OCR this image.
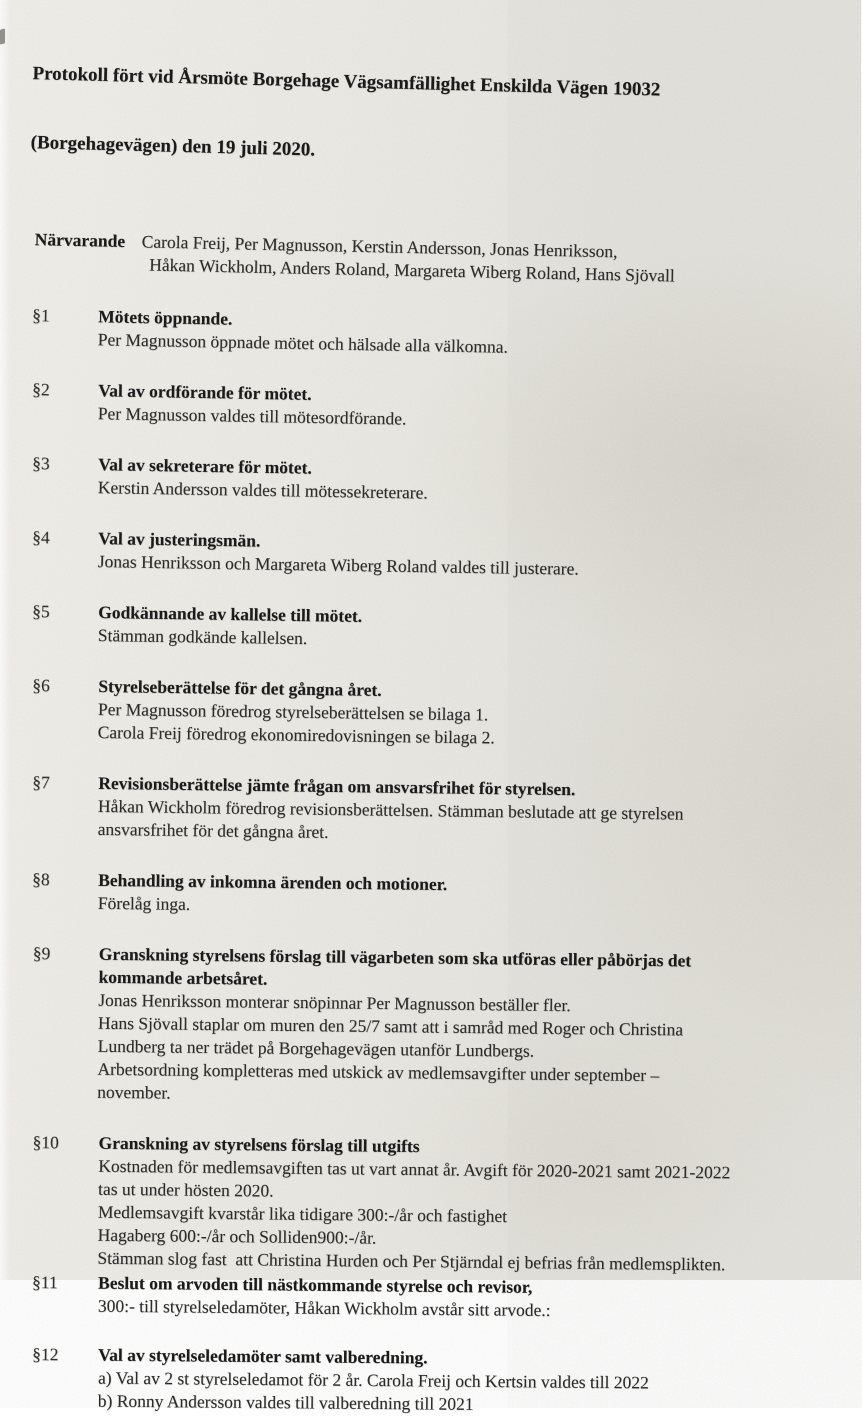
Protokoll fört vid Årsmöte Borgehage Vägsamfällighet Enskilda Vägen 19032

(Borgehagevägen) den 19 juli 2020.

Närvarande Carola Freij, Per Magnusson, Kerstin Andersson, Jonas Henriksson,
Håkan Wickholm, Anders Roland, Margareta Wiberg Roland, Hans Sjövall
§1	Mötets öppnande.
Per Magnusson öppnade mötet och hälsade alla välkomna.
§2	Val av ordförande för mötet.
Per Magnusson valdes till mötesordförande.
§3	Val av sekreterare för mötet.
Kerstin Andersson valdes till mötessekreterare.
§4	Val av justeringsmän.
Jonas Henriksson och Margareta Wiberg Roland valdes till justerare.
§5	Godkännande av kallelse till mötet.
Stämman godkände kallelsen.
§6	Styrelseberättelse för det gångna året.
Per Magnusson föredrog styrelseberättelsen se bilaga 1.
Carola Freij föredrog ekonomiredovisningen se bilaga 2.
§7	Revisionsberättelse jämte frågan om ansvarsfrihet för styrelsen.
Håkan Wickholm föredrog revisionsberättelsen. Stämman beslutade att ge styrelsen
ansvarsfrihet för det gångna året.
§8	Behandling av inkomna ärenden och motioner.
Förelåg inga.
§9	Granskning styrelsens förslag till vägarbeten som ska utföras eller påbörjas det
kommande arbetsåret.
Jonas Henriksson monterar snöpinnar Per Magnusson beställer fler.
Hans Sjövall staplar om muren den 25/7 samt att i samråd med Roger och Christina
Lundberg ta ner trädet på Borgehagevägen utanför Lundbergs.
Arbetsordning kompletteras med utskick av medlemsavgifter under september –
november.
§10	Granskning av styrelsens förslag till utgifts
Kostnaden för medlemsavgiften tas ut vart annat år. Avgift för 2020-2021 samt 2021-2022
tas ut under hösten 2020.
Medlemsavgift kvarstår lika tidigare 300:-/år och fastighet
Hagaberg 600:-/år och Solliden900:-/år.
Stämman slog fast  att Christina Hurden och Per Stjärndal ej befrias från medlemsplikten.
§11	Beslut om arvoden till nästkommande styrelse och revisor,
300:- till styrelseledamöter, Håkan Wickholm avstår sitt arvode.:
§12	Val av styrelseledamöter samt valberedning.
a) Val av 2 st styrelseledamot för 2 år. Carola Freij och Kertsin valdes till 2022
b) Ronny Andersson valdes till valberedning till 2021
